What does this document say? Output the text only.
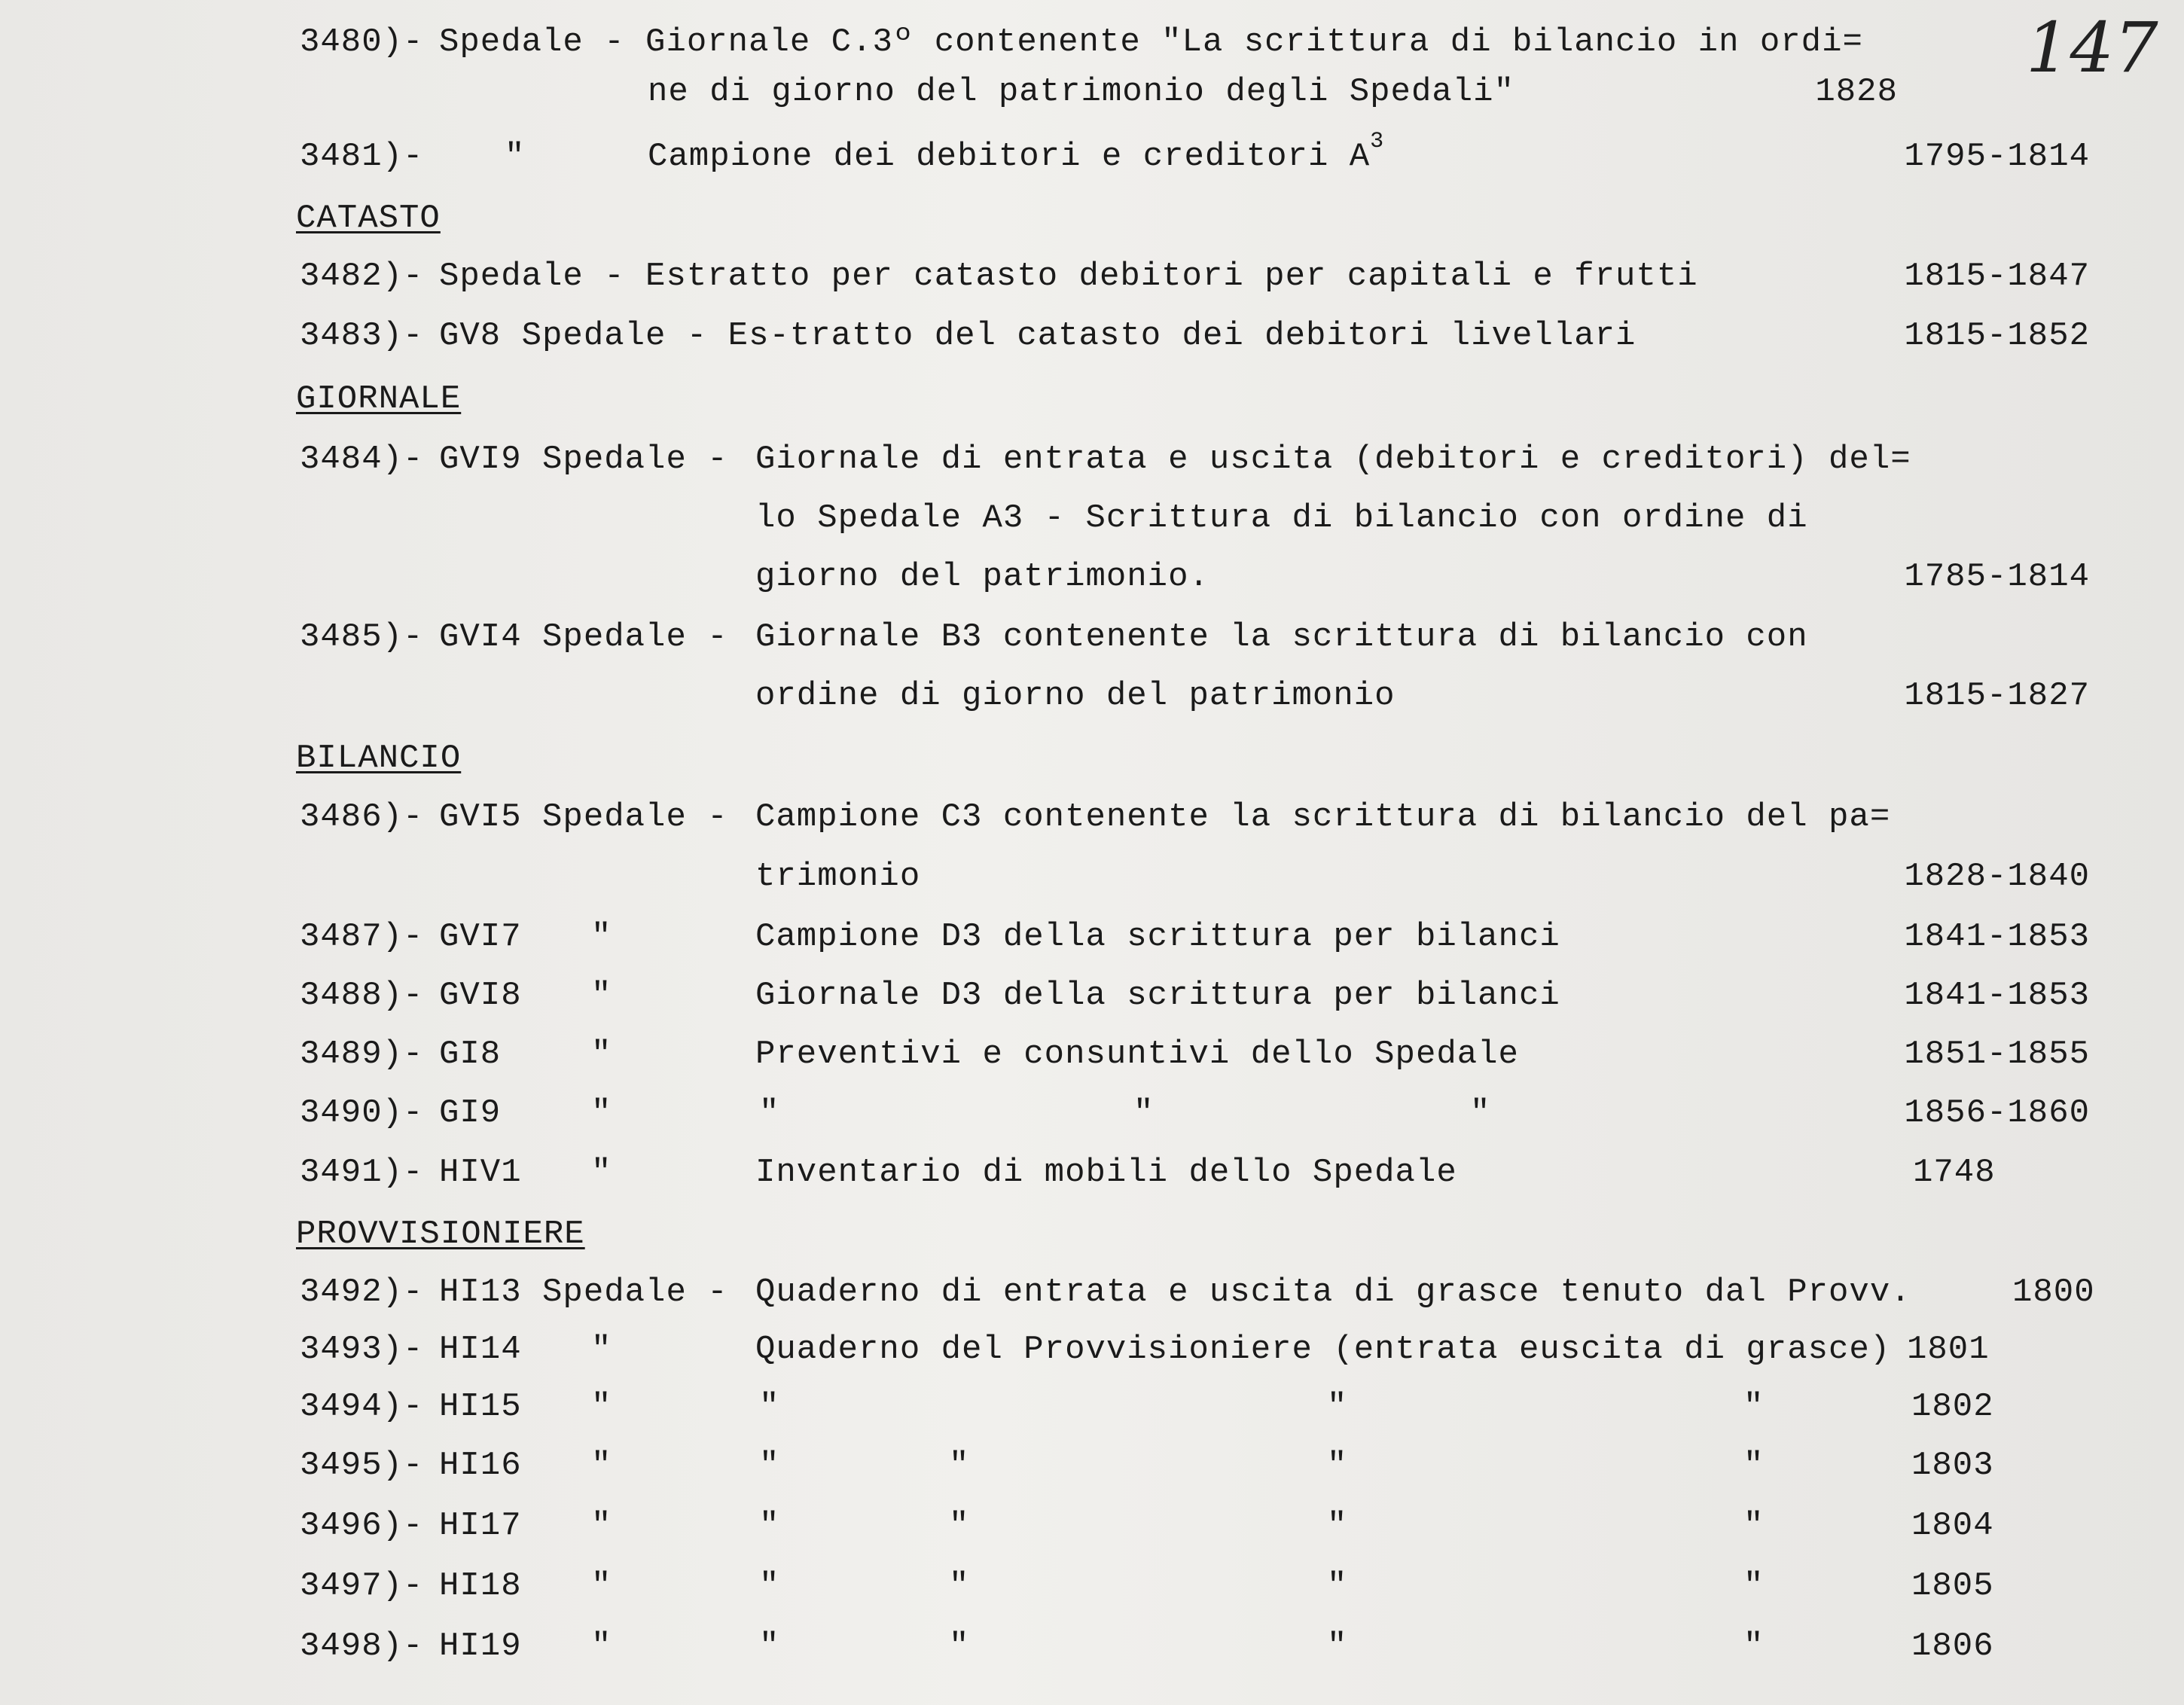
147
3480)- Spedale - Giornale C.3º contenente "La scrittura di bilancio in ordi=
ne di giorno del patrimonio degli Spedali"	1828
3481)- "	Campione dei debitori e creditori $A^3$	1795-1814
CATASTO
3482)- Spedale - Estratto per catasto debitori per capitali e frutti	1815-1847
3483)- GV8 Spedale - Es-tratto del catasto dei debitori livellari	1815-1852
GIORNALE
3484)- GVI9 Spedale - Giornale di entrata e uscita (debitori e creditori) del=
lo Spedale A3 - Scrittura di bilancio con ordine di
giorno del patrimonio.	1785-1814
3485)- GVI4 Spedale - Giornale B3 contenente la scrittura di bilancio con
ordine di giorno del patrimonio	1815-1827
BILANCIO
3486)- GVI5 Spedale - Campione C3 contenente la scrittura di bilancio del pa=
trimonio	1828-1840
3487)- GVI7 "	Campione D3 della scrittura per bilanci	1841-1853
3488)- GVI8 "	Giornale D3 della scrittura per bilanci	1841-1853
3489)- GI8	"	Preventivi e consuntivi dello Spedale	1851-1855
3490)- GI9	"	"	"	"	1856-1860
3491)- HIV1 "	Inventario di mobili dello Spedale	1748
PROVVISIONIERE
3492)- HI13 Spedale - Quaderno di entrata e uscita di grasce tenuto dal Provv.	1800
3493)- HI14 "	Quaderno del Provvisioniere (entrata euscita di grasce) 1801
3494)- HI15 "	"	"	"	1802
3495)- HI16 "	"	"	"	"	1803
3496)- HI17 "	"	"	"	"	1804
3497)- HI18 "	"	"	"	"	1805
3498)- HI19 "	"	"	"	"	1806
